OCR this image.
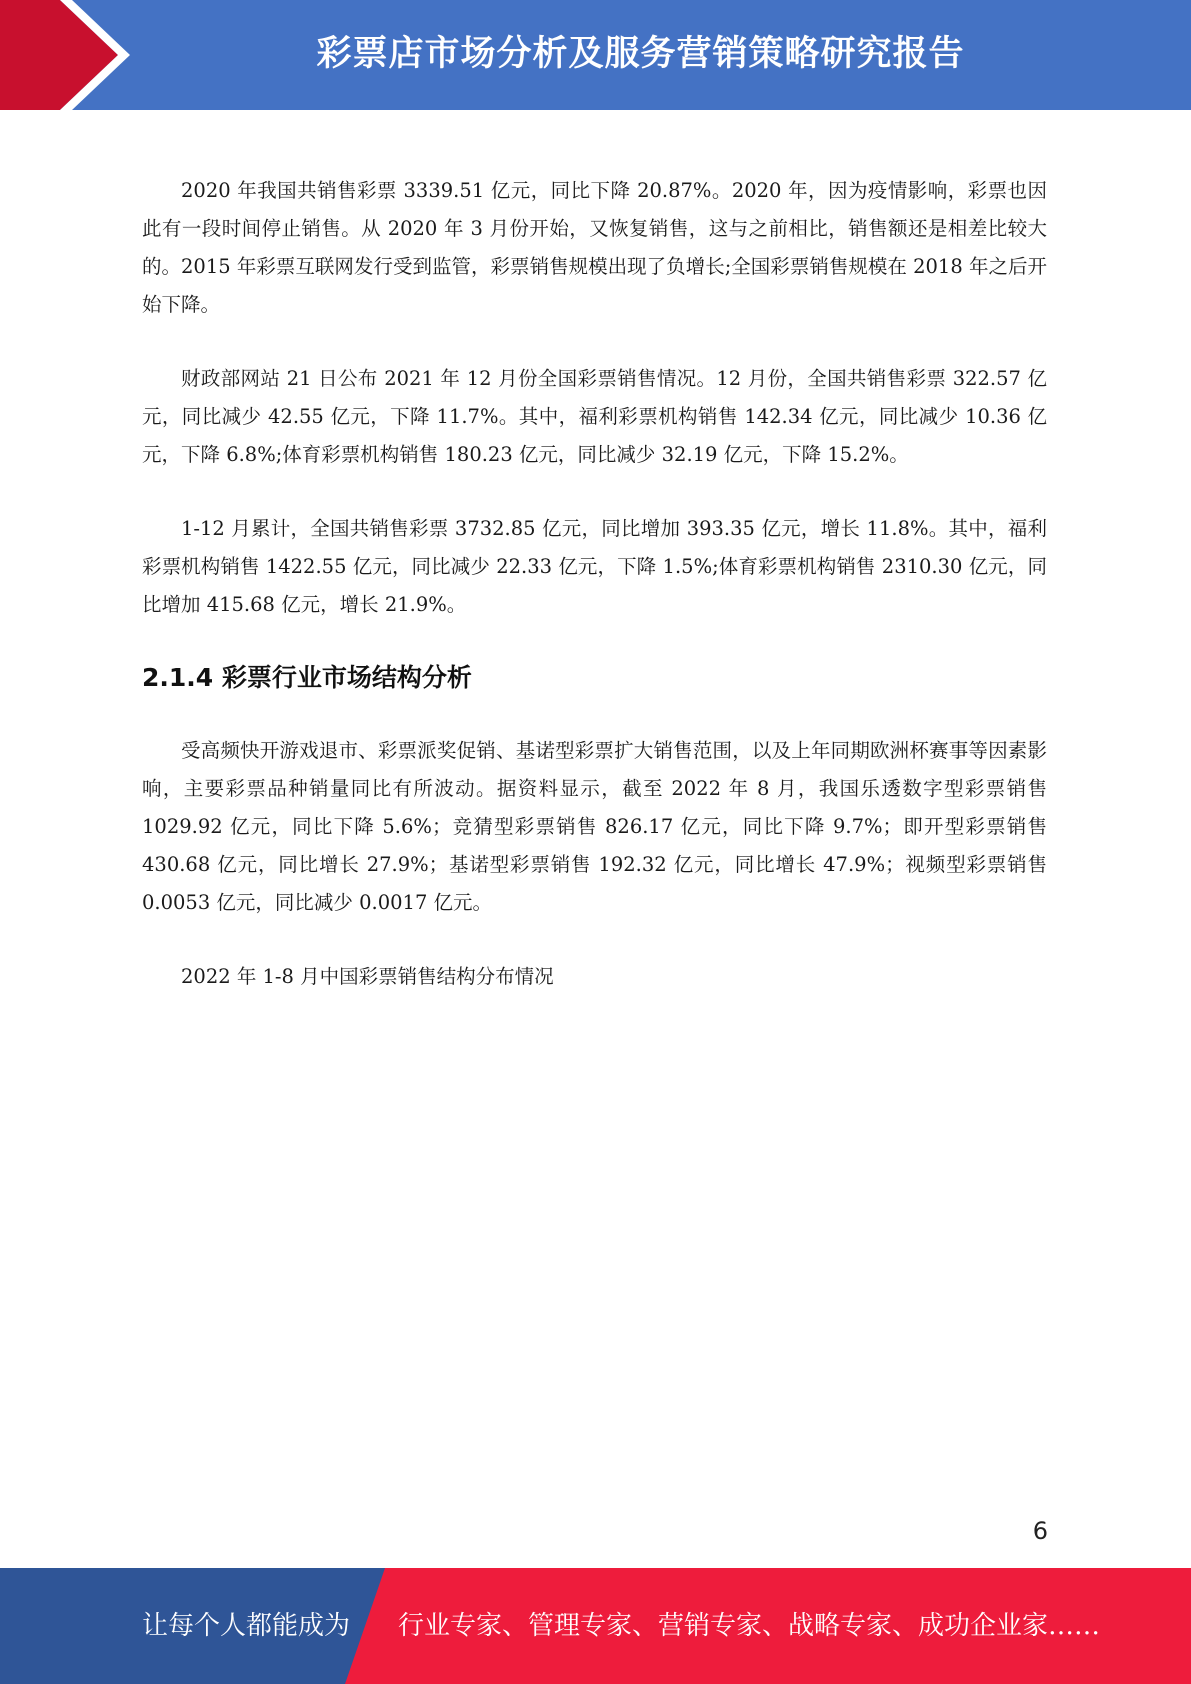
彩票店市场分析及服务营销策略研究报告

2020 年我国共销售彩票 3339.51 亿元，同比下降 20.87%。2020 年，因为疫情影响，彩票也因此有一段时间停止销售。从 2020 年 3 月份开始，又恢复销售，这与之前相比，销售额还是相差比较大的。2015 年彩票互联网发行受到监管，彩票销售规模出现了负增长;全国彩票销售规模在 2018 年之后开始下降。

财政部网站 21 日公布 2021 年 12 月份全国彩票销售情况。12 月份，全国共销售彩票 322.57 亿元，同比减少 42.55 亿元，下降 11.7%。其中，福利彩票机构销售 142.34 亿元，同比减少 10.36 亿元，下降 6.8%;体育彩票机构销售 180.23 亿元，同比减少 32.19 亿元，下降 15.2%。

1-12 月累计，全国共销售彩票 3732.85 亿元，同比增加 393.35 亿元，增长 11.8%。其中，福利彩票机构销售 1422.55 亿元，同比减少 22.33 亿元，下降 1.5%;体育彩票机构销售 2310.30 亿元，同比增加 415.68 亿元，增长 21.9%。

2.1.4 彩票行业市场结构分析

受高频快开游戏退市、彩票派奖促销、基诺型彩票扩大销售范围，以及上年同期欧洲杯赛事等因素影响，主要彩票品种销量同比有所波动。据资料显示，截至 2022 年 8 月，我国乐透数字型彩票销售 1029.92 亿元，同比下降 5.6%；竞猜型彩票销售 826.17 亿元，同比下降 9.7%；即开型彩票销售 430.68 亿元，同比增长 27.9%；基诺型彩票销售 192.32 亿元，同比增长 47.9%；视频型彩票销售 0.0053 亿元，同比减少 0.0017 亿元。

2022 年 1-8 月中国彩票销售结构分布情况

6
让每个人都能成为 行业专家、管理专家、营销专家、战略专家、成功企业家……
